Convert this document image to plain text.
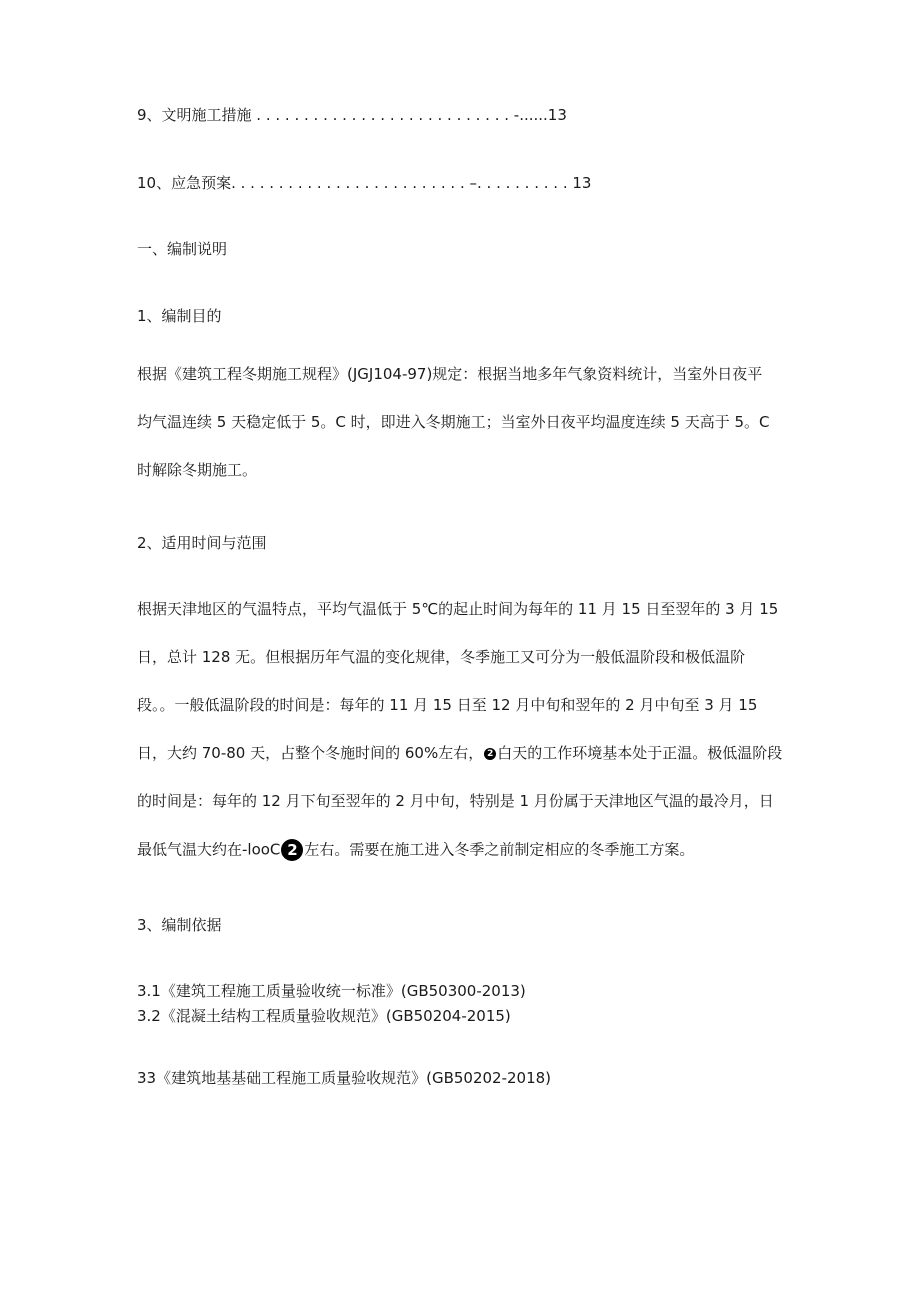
9、文明施工措施 . . . . . . . . . . . . . . . . . . . . . . . . . . . -......13

10、应急预案. . . . . . . . . . . . . . . . . . . . . . . . . –. . . . . . . . . . 13

一、编制说明

1、编制目的

根据《建筑工程冬期施工规程》(JGJ104-97)规定：根据当地多年气象资料统计，当室外日夜平
均气温连续 5 天稳定低于 5。C 时，即进入冬期施工；当室外日夜平均温度连续 5 天高于 5。C
时解除冬期施工。

2、适用时间与范围

根据天津地区的气温特点，平均气温低于 5℃的起止时间为每年的 11 月 15 日至翌年的 3 月 15
日，总计 128 无。但根据历年气温的变化规律，冬季施工又可分为一般低温阶段和极低温阶
段。。一般低温阶段的时间是：每年的 11 月 15 日至 12 月中旬和翌年的 2 月中旬至 3 月 15
日，大约 70-80 天，占整个冬施时间的 60%左右， 2 白天的工作环境基本处于正温。极低温阶段
的时间是：每年的 12 月下旬至翌年的 2 月中旬，特别是 1 月份属于天津地区气温的最冷月，日
最低气温大约在-looC 2 左右。需要在施工进入冬季之前制定相应的冬季施工方案。

3、编制依据

3.1《建筑工程施工质量验收统一标准》(GB50300-2013)

3.2《混凝土结构工程质量验收规范》(GB50204-2015)

33《建筑地基基础工程施工质量验收规范》(GB50202-2018)
